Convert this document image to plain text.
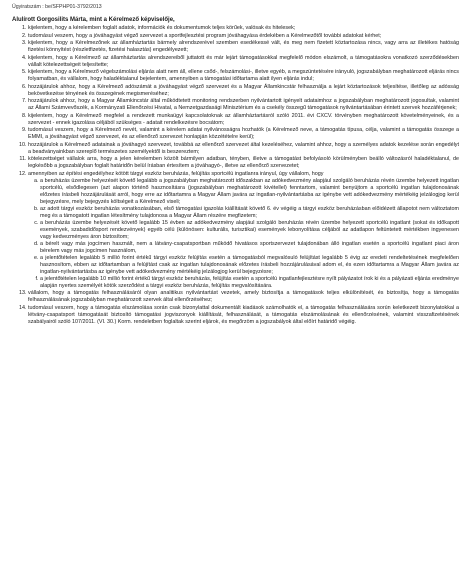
Ügyiratszám : be/SFPHP01-3792/2013
Alulírott Gorgosilits Márta, mint a Kérelmező képviselője,
1. kijelentem, hogy a kérelemben foglalt adatok, információk és dokumentumok teljes körűek, valósak és hitelesek;
2. tudomásul veszem, hogy a jóváhagyást végző szervezet a sportfejlesztési program jóváhagyása érdekében a Kérelmezőtől további adatokat kérhet;
3. kijelentem, hogy a Kérelmezőnek az államháztartás bármely alrendszerével szemben esedékessé vált, és meg nem fizetett köztartozása nincs, vagy arra az illetékes hatóság fizetési könnyítést (részletfizetés, fizetési halasztás) engedélyezett;
4. kijelentem, hogy a Kérelmező az államháztartás alrendszereiből juttatott és már lejárt támogatásokkal megfelelő módon elszámolt, a támogatásokra vonatkozó szerződésekben vállalt kötelezettségeit teljesítette;
5. kijelentem, hogy a Kérelmező végelszámolási eljárás alatt nem áll, ellene csőd-, felszámolási-, illetve egyéb, a megszüntetésére irányuló, jogszabályban meghatározott eljárás nincs folyamatban, és vállalom, hogy haladéktalanul bejelentem, amennyiben a támogatási időtartama alatt ilyen eljárás indul;
6. hozzájárulok ahhoz, hogy a Kérelmező adószámát a jóváhagyást végző szervezet és a Magyar Államkincstár felhasználja a lejárt köztartozások teljesítése, illetőleg az adósság bekövetkezése tényének és összegének megismeréséhez;
7. hozzájárulok ahhoz, hogy a Magyar Államkincstár által működtetett monitoring rendszerben nyilvántartott igényelt adataimhoz a jogszabályban meghatározott jogosultak, valamint az Állami Számvevőszék, a Kormányzati Ellenőrzési Hivatal, a Nemzetgazdasági Minisztérium és a csekély összegű támogatások nyilvántartásában érintett szervek hozzáférjenek;
8. kijelentem, hogy a Kérelmező megfelel a rendezett munkaügyi kapcsolatoknak az államháztartásról szóló 2011. évi CXCV. törvényben meghatározott követelményeinek, és a szervezet - ennek igazolása céljából szükséges - adatait rendelkezésre bocsátom;
9. tudomásul veszem, hogy a Kérelmező nevét, valamint a kérelem adatai nyilvánosságra hozhatók (a Kérelmező neve, a támogatás típusa, célja, valamint a támogatás összege a EMMI, a jóváhagyást végző szervezet, és az ellenőrző szervezet honlapján közzétételre kerül);
10. hozzájárulok a Kérelmező adatainak a jóváhagyó szervezet, továbbá az ellenőrző szervezet által kezeléséhez, valamint ahhoz, hogy a személyes adatok kezelése során engedélyt a beadványainkban szereplő természetes személyektől is beszereztem;
11. kötelezettséget vállalok arra, hogy a jelen kérelemben közölt bármilyen adatban, tényben, illetve a támogatást befolyásoló körülményben beálló változásról haladéktalanul, de legkésőbb a jogszabályban foglalt határidőn belül írásban értesítem a jóváhagyó-, illetve az ellenőrző szervezetet;
12. amennyiben az építési engedélyhez kötött tárgyi eszköz beruházás, felújítás sportcélú ingatlanra irányul, úgy vállalom, hogy
a. a beruházás üzembe helyezését követő legalább a jogszabályban meghatározott időszakban az adókedvezmény alapjául szolgáló beruházás révén üzembe helyezett ingatlan sportcélú, elsődlegesen (azt alapon történő hasznosításra (jogszabályban meghatározott kivétellel) fenntartom, valamint benyújtom a sportcélú ingatlan tulajdonosának előzetes írásbeli hozzájárulását arról, hogy erre az időtartamra a Magyar Állam javára az ingatlan-nyilvántartásba az igénybe vett adókedvezmény mértékéig jelzálogjog kerül bejegyzésre, mely bejegyzés költségeit a Kérelmező viseli;
b. az adott tárgyi eszköz beruházás vonatkozásában, első támogatási igazolás kiállítását követő 6. év végéig a tárgyi eszköz beruházásban előidézett állapotot nem változtatom meg és a támogatott ingatlan létesítmény tulajdonosa a Magyar Állam részére megfizetem;
c. a beruházás üzembe helyezését követő legalább 15 évben az adókedvezmény alapjául szolgáló beruházás révén üzembe helyezett sportcélú ingatlant (sokat és időkapott események, szabadidősport rendezvények) egyéb célú (különösen: kulturális, turisztikai) események lebonyolítása céljából az adatlapon feltüntetett mértékben ingyenesen vagy kedvezményes áron biztosítom;
d. a bérelt vagy más jogcímen használt, nem a látvány-csapatsportban működő hivatásos sportszervezet tulajdonában álló ingatlan esetén a sportcélú ingatlant piaci áron bérelem vagy más jogcímen használom,
e. a jelentőtételen legalább 5 millió forint értékű tárgyi eszköz felújítás esetén a támogatásból megvalósuló felújítást legalább 5 évig az eredeti rendeltetésének megfelelően hasznosítom, ebben az időtartamban a felújítást csak az ingatlan tulajdonosának előzetes írásbeli hozzájárulásával adom el, és ezen időtartamra a Magyar Állam javára az ingatlan-nyilvántartásba az igénybe vett adókedvezmény mértékéig jelzálogjog kerül bejegyzésre;
f. a jelentőtételen legalább 10 millió forint értékű tárgyi eszköz beruházás, felújítás esetén a sportcélú ingatlanfejlesztésre nyílt pályázatot írok ki és a pályázati eljárás eredménye alapján nyertes személyét kötök szerződést a tárgyi eszköz beruházás, felújítás megvalósítására.
13. vállalom, hogy a támogatás felhasználásáról olyan analitikus nyilvántartást vezetek, amely biztosítja a támogatások teljes elkülönítését, és biztosítja, hogy a támogatás felhasználásának jogszabályban meghatározott szervek által ellenőrzéséhez;
14. tudomásul veszem, hogy a támogatás elszámolása során csak bizonylattal dokumentált kiadások számolhatók el, a támogatás felhasználására sorún keletkezett bizonylatokkal a létvány-csapatsport támogatását biztosító támogatási jogviszonyok kiállítását, felhasználását, a támogatás elszámolásának és ellenőrzésének, valamint visszafizetésének szabályairól szóló 107/2011. (VI. 30.) Korm. rendeletben foglaltak szerint eljárok, és megőrzöm a jogszabályok által előírt határidő végéig.
